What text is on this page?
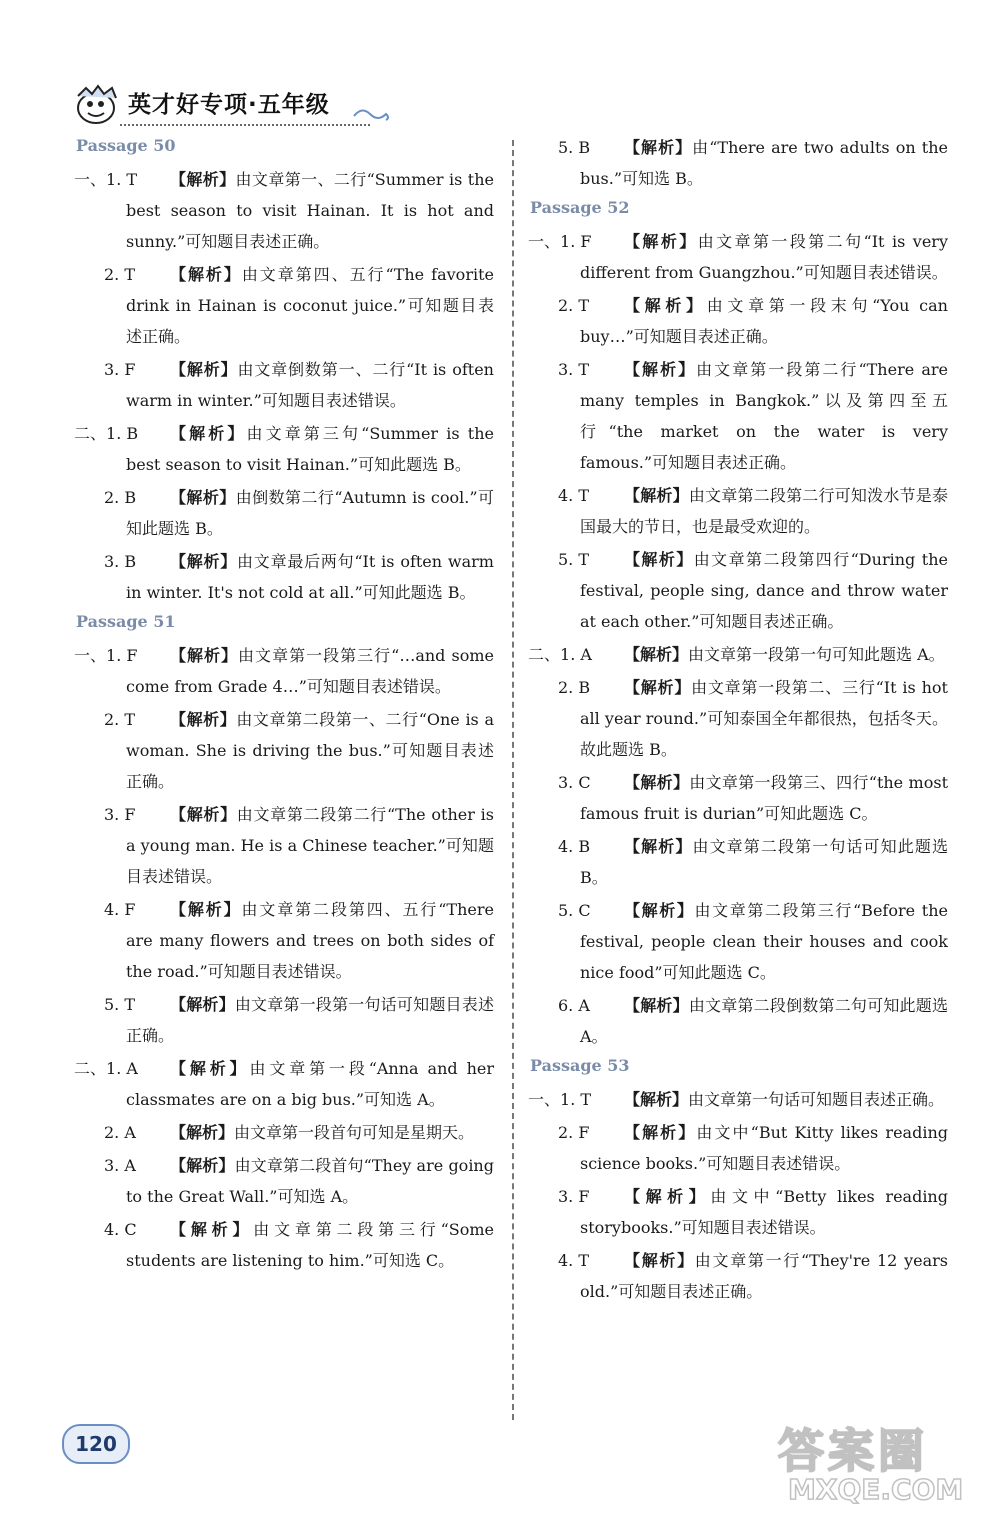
英才好专项·五年级
Passage 50
一、1. T	【解析】由文章第一、二行“Summer is the best season to visit Hainan. It is hot and sunny.”可知题目表述正确。
2. T	【解析】由文章第四、五行“The favorite drink in Hainan is coconut juice.”可知题目表述正确。
3. F	【解析】由文章倒数第一、二行“It is often warm in winter.”可知题目表述错误。
二、1. B	【解析】由文章第三句“Summer is the best season to visit Hainan.”可知此题选 B。
2. B	【解析】由倒数第二行“Autumn is cool.”可知此题选 B。
3. B	【解析】由文章最后两句“It is often warm in winter. It's not cold at all.”可知此题选 B。
Passage 51
一、1. F	【解析】由文章第一段第三行“…and some come from Grade 4…”可知题目表述错误。
2. T	【解析】由文章第二段第一、二行“One is a woman. She is driving the bus.”可知题目表述正确。
3. F	【解析】由文章第二段第二行“The other is a young man. He is a Chinese teacher.”可知题目表述错误。
4. F	【解析】由文章第二段第四、五行“There are many flowers and trees on both sides of the road.”可知题目表述错误。
5. T	【解析】由文章第一段第一句话可知题目表述正确。
二、1. A	【解析】由文章第一段“Anna and her classmates are on a big bus.”可知选 A。
2. A	【解析】由文章第一段首句可知是星期天。
3. A	【解析】由文章第二段首句“They are going to the Great Wall.”可知选 A。
4. C	【解析】由文章第二段第三行“Some students are listening to him.”可知选 C。
5. B	【解析】由“There are two adults on the bus.”可知选 B。
Passage 52
一、1. F	【解析】由文章第一段第二句“It is very different from Guangzhou.”可知题目表述错误。
2. T	【解析】由文章第一段末句“You can buy…”可知题目表述正确。
3. T	【解析】由文章第一段第二行“There are many temples in Bangkok.”以及第四至五行“the market on the water is very famous.”可知题目表述正确。
4. T	【解析】由文章第二段第二行可知泼水节是泰国最大的节日，也是最受欢迎的。
5. T	【解析】由文章第二段第四行“During the festival, people sing, dance and throw water at each other.”可知题目表述正确。
二、1. A	【解析】由文章第一段第一句可知此题选 A。
2. B	【解析】由文章第一段第二、三行“It is hot all year round.”可知泰国全年都很热，包括冬天。故此题选 B。
3. C	【解析】由文章第一段第三、四行“the most famous fruit is durian”可知此题选 C。
4. B	【解析】由文章第二段第一句话可知此题选 B。
5. C	【解析】由文章第二段第三行“Before the festival, people clean their houses and cook nice food”可知此题选 C。
6. A	【解析】由文章第二段倒数第二句可知此题选 A。
Passage 53
一、1. T	【解析】由文章第一句话可知题目表述正确。
2. F	【解析】由文中“But Kitty likes reading science books.”可知题目表述错误。
3. F	【解析】由文中“Betty likes reading storybooks.”可知题目表述错误。
4. T	【解析】由文章第一行“They're 12 years old.”可知题目表述正确。
120	答案圈
MXQE.COM
